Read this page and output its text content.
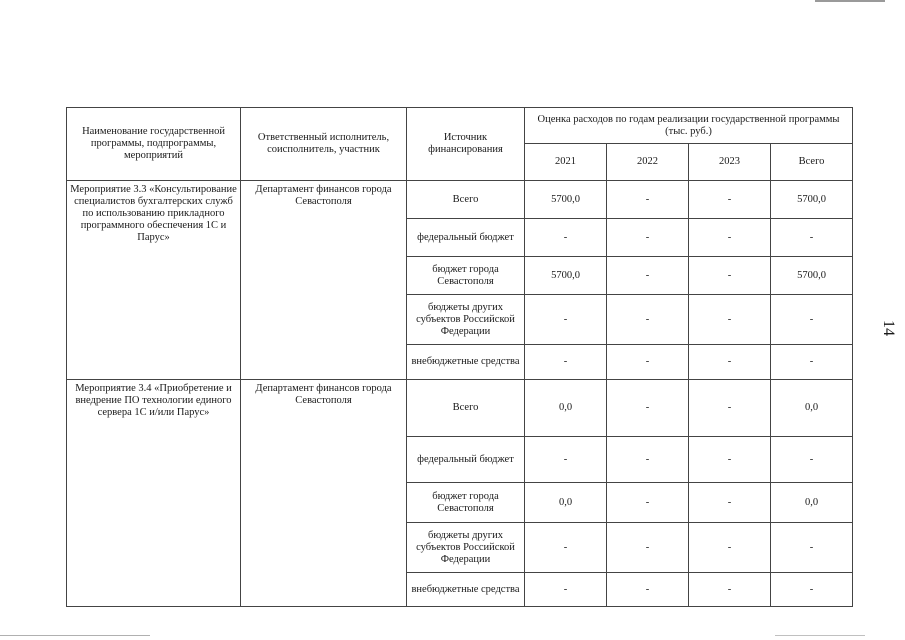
14
Наименование государственной программы, подпрограммы, мероприятий	Ответственный исполнитель, соисполнитель, участник	Источник финансирования	Оценка расходов по годам реализации государственной программы (тыс. руб.)			
			2021	2022	2023	Всего
Мероприятие 3.3 «Консультирование специалистов бухгалтерских служб по использованию прикладного программного обеспечения 1С и Парус»	Департамент финансов города Севастополя	Всего	5700,0	-	-	5700,0
		федеральный бюджет	-	-	-	-
		бюджет города Севастополя	5700,0	-	-	5700,0
		бюджеты других субъектов Российской Федерации	-	-	-	-
		внебюджетные средства	-	-	-	-
Мероприятие 3.4 «Приобретение и внедрение ПО технологии единого сервера 1С и/или Парус»	Департамент финансов города Севастополя	Всего	0,0	-	-	0,0
		федеральный бюджет	-	-	-	-
		бюджет города Севастополя	0,0	-	-	0,0
		бюджеты других субъектов Российской Федерации	-	-	-	-
		внебюджетные средства	-	-	-	-
